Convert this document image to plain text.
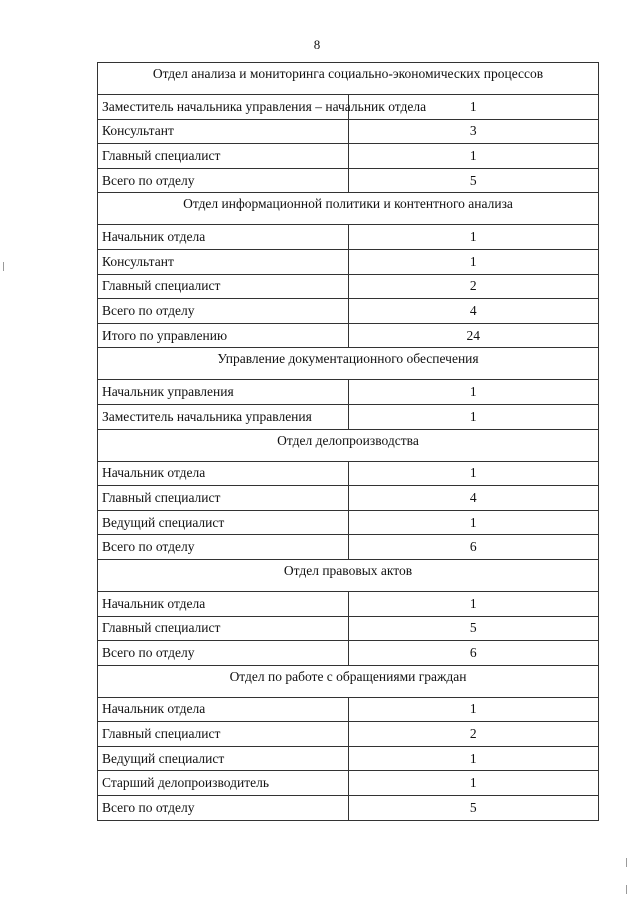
8
Отдел анализа и мониторинга социально-экономических процессов	
Заместитель начальника управления – начальник отдела	1
Консультант	3
Главный специалист	1
Всего по отделу	5
Отдел информационной политики и контентного анализа	
Начальник отдела	1
Консультант	1
Главный специалист	2
Всего по отделу	4
Итого по управлению	24
Управление документационного обеспечения	
Начальник управления	1
Заместитель начальника управления	1
Отдел делопроизводства	
Начальник отдела	1
Главный специалист	4
Ведущий специалист	1
Всего по отделу	6
Отдел правовых актов	
Начальник отдела	1
Главный специалист	5
Всего по отделу	6
Отдел по работе с обращениями граждан	
Начальник отдела	1
Главный специалист	2
Ведущий специалист	1
Старший делопроизводитель	1
Всего по отделу	5
